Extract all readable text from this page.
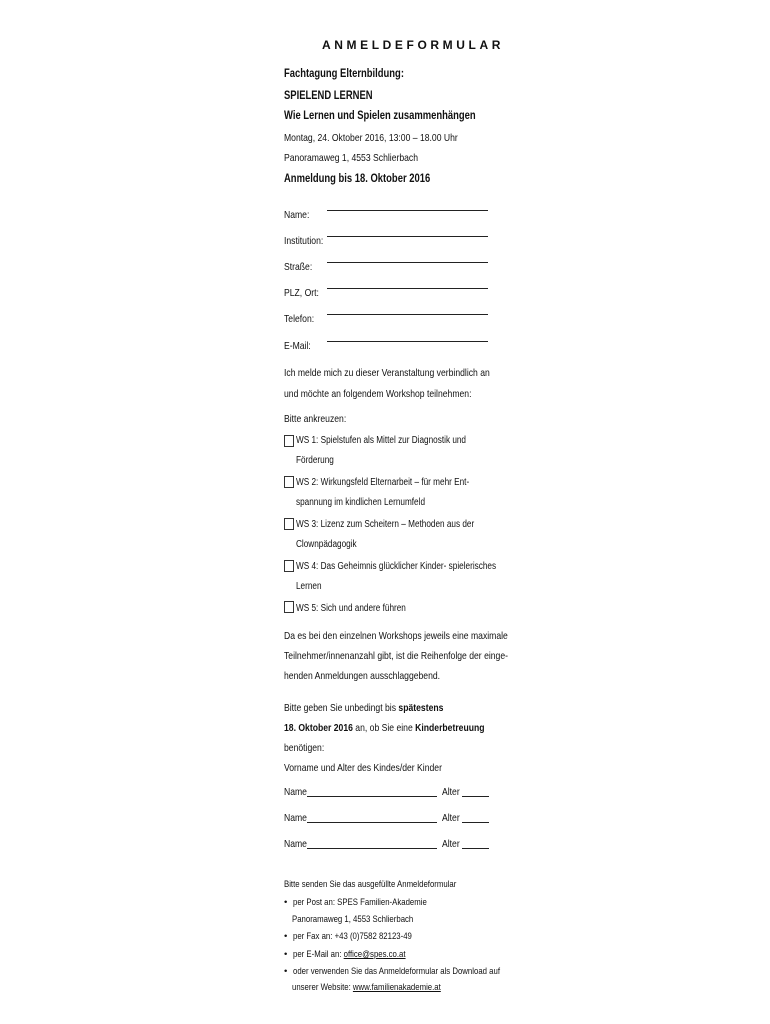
ANMELDEFORMULAR
Fachtagung Elternbildung:
SPIELEND LERNEN
Wie Lernen und Spielen zusammenhängen
Montag, 24. Oktober 2016, 13:00 – 18.00 Uhr
Panoramaweg 1, 4553 Schlierbach
Anmeldung bis 18. Oktober 2016
Name:
Institution:
Straße:
PLZ, Ort:
Telefon:
E-Mail:
Ich melde mich zu dieser Veranstaltung verbindlich an
und möchte an folgendem Workshop teilnehmen:
Bitte ankreuzen:
WS 1: Spielstufen als Mittel zur Diagnostik und
Förderung
WS 2: Wirkungsfeld Elternarbeit – für mehr Ent-
spannung im kindlichen Lernumfeld
WS 3: Lizenz zum Scheitern – Methoden aus der
Clownpädagogik
WS 4: Das Geheimnis glücklicher Kinder- spielerisches
Lernen
WS 5: Sich und andere führen
Da es bei den einzelnen Workshops jeweils eine maximale
Teilnehmer/innenanzahl gibt, ist die Reihenfolge der einge-
henden Anmeldungen ausschlaggebend.
Bitte geben Sie unbedingt bis spätestens
18. Oktober 2016 an, ob Sie eine Kinderbetreuung
benötigen:
Vorname und Alter des Kindes/der Kinder
Name	Alter
Name	Alter
Name	Alter
Bitte senden Sie das ausgefüllte Anmeldeformular
• per Post an: SPES Familien-Akademie
Panoramaweg 1, 4553 Schlierbach
• per Fax an: +43 (0)7582 82123-49
• per E-Mail an: office@spes.co.at
• oder verwenden Sie das Anmeldeformular als Download auf
unserer Website: www.familienakademie.at
